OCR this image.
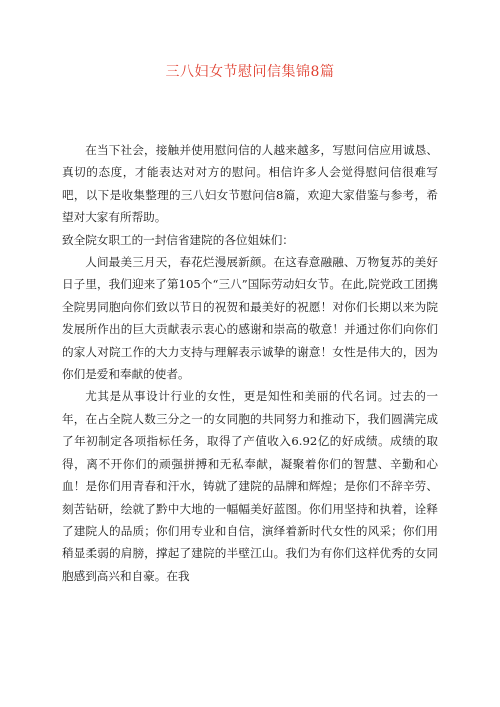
三八妇女节慰问信集锦8篇

在当下社会，接触并使用慰问信的人越来越多，写慰问信应用诚恳、真切的态度，才能表达对对方的慰问。相信许多人会觉得慰问信很难写吧，以下是收集整理的三八妇女节慰问信8篇，欢迎大家借鉴与参考，希望对大家有所帮助。

致全院女职工的一封信省建院的各位姐妹们：

人间最美三月天，春花烂漫展新颜。在这春意融融、万物复苏的美好日子里，我们迎来了第105个“三八”国际劳动妇女节。在此,院党政工团携全院男同胞向你们致以节日的祝贺和最美好的祝愿！对你们长期以来为院发展所作出的巨大贡献表示衷心的感谢和崇高的敬意！并通过你们向你们的家人对院工作的大力支持与理解表示诚挚的谢意！女性是伟大的，因为你们是爱和奉献的使者。

尤其是从事设计行业的女性，更是知性和美丽的代名词。过去的一年，在占全院人数三分之一的女同胞的共同努力和推动下，我们圆满完成了年初制定各项指标任务，取得了产值收入6.92亿的好成绩。成绩的取得，离不开你们的顽强拼搏和无私奉献，凝聚着你们的智慧、辛勤和心血！是你们用青春和汗水，铸就了建院的品牌和辉煌；是你们不辞辛劳、刻苦钻研，绘就了黔中大地的一幅幅美好蓝图。你们用坚持和执着，诠释了建院人的品质；你们用专业和自信，演绎着新时代女性的风采；你们用稍显柔弱的肩膀，撑起了建院的半壁江山。我们为有你们这样优秀的女同胞感到高兴和自豪。在我
